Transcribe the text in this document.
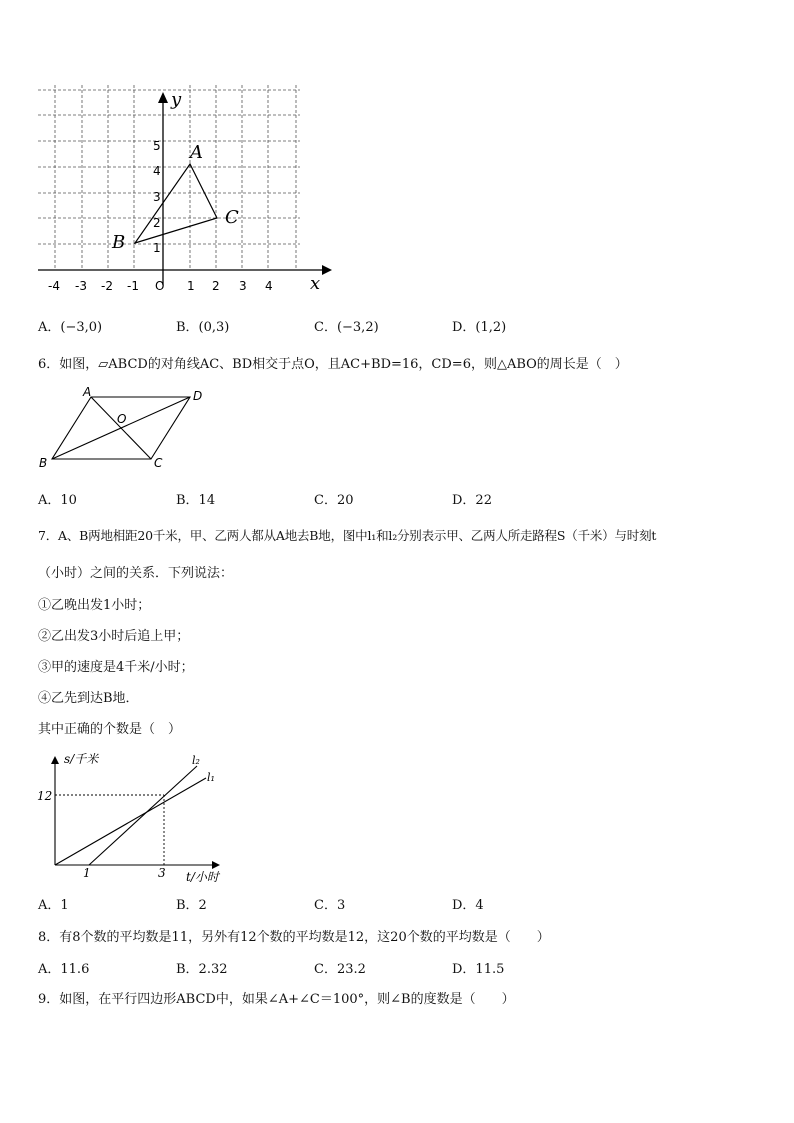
y
x
-4 -3 -2 -1 O 1 2 3 4
1
2
3
4
5 A
B
C
A．(−3,0)	B．(0,3)	C．(−3,2)	D．(1,2)
6．如图，▱ABCD的对角线AC、BD相交于点O，且AC+BD=16，CD=6，则△ABO的周长是（　）
A	D
B	C
O
A．10	B．14	C．20	D．22
7．A、B两地相距20千米，甲、乙两人都从A地去B地，图中l₁和l₂分别表示甲、乙两人所走路程S（千米）与时刻t
（小时）之间的关系．下列说法：
①乙晚出发1小时；
②乙出发3小时后追上甲；
③甲的速度是4千米/小时；
④乙先到达B地．
其中正确的个数是（　）
s/千米
t/小时
12
1	3
l₂
l₁
A．1	B．2	C．3	D．4
8．有8个数的平均数是11，另外有12个数的平均数是12，这20个数的平均数是（　　）
A．11.6	B．2.32	C．23.2	D．11.5
9．如图，在平行四边形ABCD中，如果∠A+∠C＝100°，则∠B的度数是（　　）
